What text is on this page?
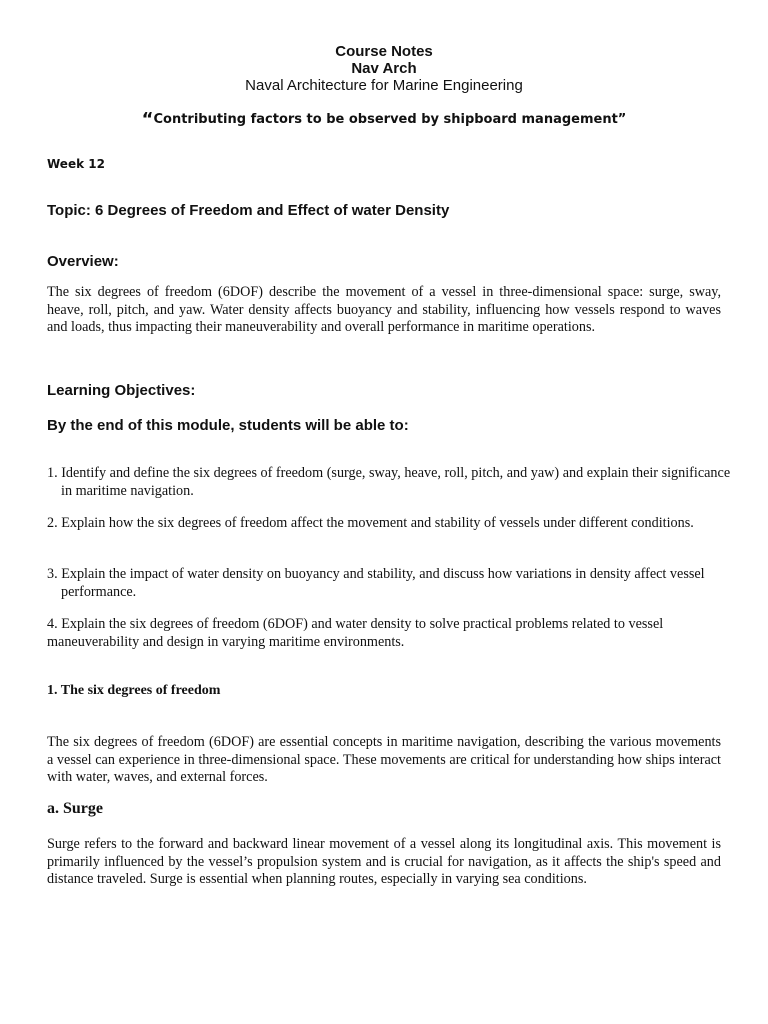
Course Notes
Nav Arch
Naval Architecture for Marine Engineering
“Contributing factors to be observed by shipboard management”
Week 12
Topic: 6 Degrees of Freedom and Effect of water Density
Overview:
The six degrees of freedom (6DOF) describe the movement of a vessel in three-dimensional space: surge, sway, heave, roll, pitch, and yaw. Water density affects buoyancy and stability, influencing how vessels respond to waves and loads, thus impacting their maneuverability and overall performance in maritime operations.
Learning Objectives:
By the end of this module, students will be able to:
1. Identify and define the six degrees of freedom (surge, sway, heave, roll, pitch, and yaw) and explain their significance in maritime navigation.
2. Explain how the six degrees of freedom affect the movement and stability of vessels under different conditions.
3. Explain the impact of water density on buoyancy and stability, and discuss how variations in density affect vessel performance.
4. Explain the six degrees of freedom (6DOF) and water density to solve practical problems related to vessel maneuverability and design in varying maritime environments.
1. The six degrees of freedom
The six degrees of freedom (6DOF) are essential concepts in maritime navigation, describing the various movements a vessel can experience in three-dimensional space. These movements are critical for understanding how ships interact with water, waves, and external forces.
a. Surge
Surge refers to the forward and backward linear movement of a vessel along its longitudinal axis. This movement is primarily influenced by the vessel’s propulsion system and is crucial for navigation, as it affects the ship's speed and distance traveled. Surge is essential when planning routes, especially in varying sea conditions.
